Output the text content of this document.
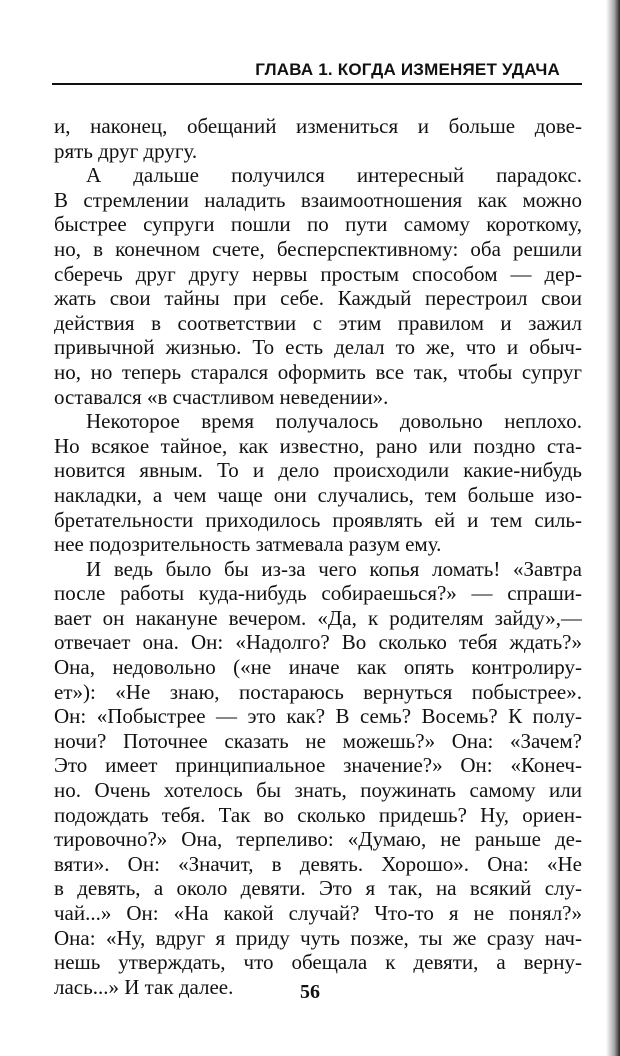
ГЛАВА 1. КОГДА ИЗМЕНЯЕТ УДАЧА
и, наконец, обещаний измениться и больше дове-
рять друг другу.
А дальше получился интересный парадокс.
В стремлении наладить взаимоотношения как можно
быстрее супруги пошли по пути самому короткому,
но, в конечном счете, бесперспективному: оба решили
сберечь друг другу нервы простым способом — дер-
жать свои тайны при себе. Каждый перестроил свои
действия в соответствии с этим правилом и зажил
привычной жизнью. То есть делал то же, что и обыч-
но, но теперь старался оформить все так, чтобы супруг
оставался «в счастливом неведении».
Некоторое время получалось довольно неплохо.
Но всякое тайное, как известно, рано или поздно ста-
новится явным. То и дело происходили какие-нибудь
накладки, а чем чаще они случались, тем больше изо-
бретательности приходилось проявлять ей и тем силь-
нее подозрительность затмевала разум ему.
И ведь было бы из-за чего копья ломать! «Завтра
после работы куда-нибудь собираешься?» — спраши-
вает он накануне вечером. «Да, к родителям зайду»,—
отвечает она. Он: «Надолго? Во сколько тебя ждать?»
Она, недовольно («не иначе как опять контролиру-
ет»): «Не знаю, постараюсь вернуться побыстрее».
Он: «Побыстрее — это как? В семь? Восемь? К полу-
ночи? Поточнее сказать не можешь?» Она: «Зачем?
Это имеет принципиальное значение?» Он: «Конеч-
но. Очень хотелось бы знать, поужинать самому или
подождать тебя. Так во сколько придешь? Ну, ориен-
тировочно?» Она, терпеливо: «Думаю, не раньше де-
вяти». Он: «Значит, в девять. Хорошо». Она: «Не
в девять, а около девяти. Это я так, на всякий слу-
чай...» Он: «На какой случай? Что-то я не понял?»
Она: «Ну, вдруг я приду чуть позже, ты же сразу нач-
нешь утверждать, что обещала к девяти, а верну-
лась...» И так далее.	56
